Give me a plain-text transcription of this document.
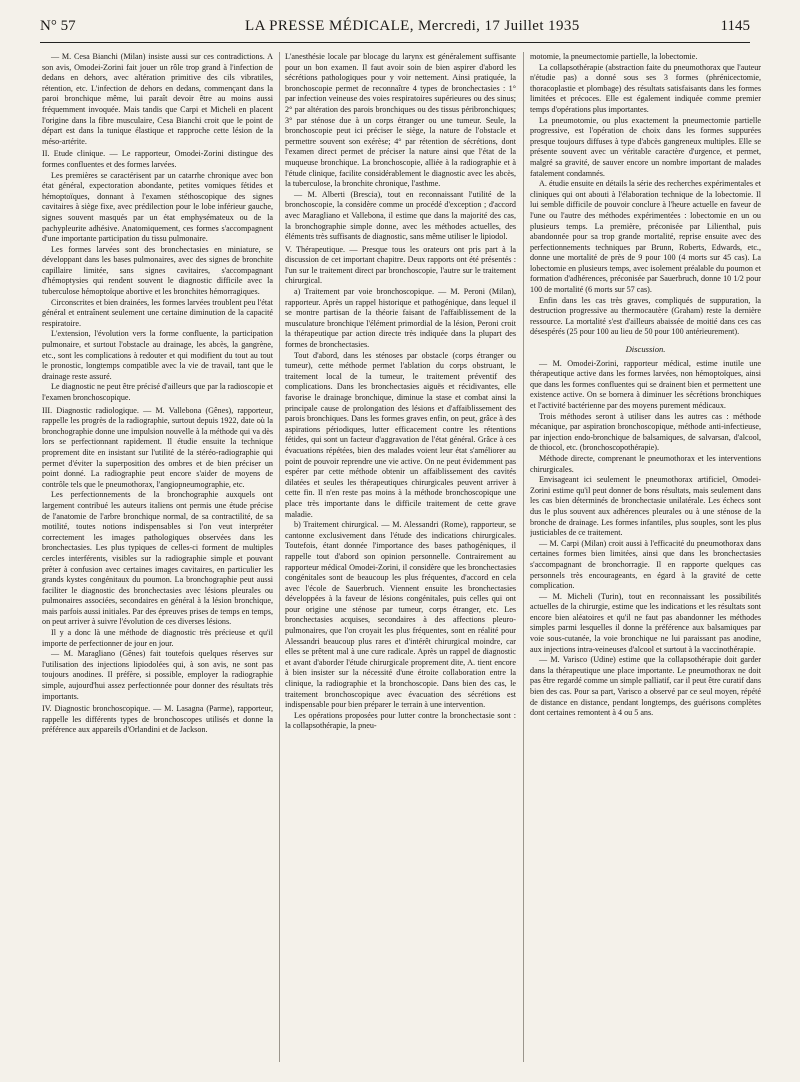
N° 57	LA PRESSE MÉDICALE, Mercredi, 17 Juillet 1935	1145

— M. Cesa Bianchi (Milan) insiste aussi sur ces contradictions. A son avis, Omodei-Zorini fait jouer un rôle trop grand à l'infection de dedans en dehors, avec altération primitive des cils vibratiles, rétention, etc. L'infection de dehors en dedans, commençant dans la paroi bronchique même, lui paraît devoir être au moins aussi fréquemment invoquée. Mais tandis que Carpi et Micheli en placent l'origine dans la fibre musculaire, Cesa Bianchi croit que le point de départ est dans la tunique élastique et rapproche cette lésion de la méso-artérite.

II. Etude clinique. — Le rapporteur, Omodei-Zorini distingue des formes confluentes et des formes larvées.

Les premières se caractérisent par un catarrhe chronique avec bon état général, expectoration abondante, petites vomiques fétides et hémoptoïques, donnant à l'examen stéthoscopique des signes cavitaires à siège fixe, avec prédilection pour le lobe inférieur gauche, signes souvent masqués par un état emphysémateux ou de la pachypleurite adhésive. Anatomiquement, ces formes s'accompagnent d'une importante participation du tissu pulmonaire.

Les formes larvées sont des bronchectasies en miniature, se développant dans les bases pulmonaires, avec des signes de bronchite capillaire limitée, sans signes cavitaires, s'accompagnant d'hémoptysies qui rendent souvent le diagnostic difficile avec la tuberculose hémoptoïque abortive et les bronchites hémorragiques.

Circonscrites et bien drainées, les formes larvées troublent peu l'état général et entraînent seulement une certaine diminution de la capacité respiratoire.

L'extension, l'évolution vers la forme confluente, la participation pulmonaire, et surtout l'obstacle au drainage, les abcès, la gangrène, etc., sont les complications à redouter et qui modifient du tout au tout le pronostic, longtemps compatible avec la vie de travail, tant que le drainage reste assuré.

Le diagnostic ne peut être précisé d'ailleurs que par la radioscopie et l'examen bronchoscopique.

III. Diagnostic radiologique. — M. Vallebona (Gênes), rapporteur, rappelle les progrès de la radiographie, surtout depuis 1922, date où la bronchographie donne une impulsion nouvelle à la méthode qui va dès lors se perfectionnant rapidement. Il étudie ensuite la technique proprement dite en insistant sur l'utilité de la stéréo-radiographie qui permet d'éviter la superposition des ombres et de bien préciser un point donné. La radiographie peut encore s'aider de moyens de contrôle tels que le pneumothorax, l'angiopneumographie, etc.

Les perfectionnements de la bronchographie auxquels ont largement contribué les auteurs italiens ont permis une étude précise de l'anatomie de l'arbre bronchique normal, de sa contractilité, de sa motilité, toutes notions indispensables si l'on veut interpréter correctement les images pathologiques observées dans les bronchectasies. Les plus typiques de celles-ci forment de multiples cercles interférents, visibles sur la radiographie simple et pouvant prêter à confusion avec certaines images cavitaires, en particulier les grands kystes congénitaux du poumon. La bronchographie peut aussi faciliter le diagnostic des bronchectasies avec lésions pleurales ou pulmonaires associées, secondaires en général à la lésion bronchique, mais parfois aussi initiales. Par des épreuves prises de temps en temps, on peut arriver à suivre l'évolution de ces diverses lésions.

Il y a donc là une méthode de diagnostic très précieuse et qu'il importe de perfectionner de jour en jour.

— M. Maragliano (Gênes) fait toutefois quelques réserves sur l'utilisation des injections lipiodolées qui, à son avis, ne sont pas toujours anodines. Il préfère, si possible, employer la radiographie simple, aujourd'hui assez perfectionnée pour donner des résultats très importants.

IV. Diagnostic bronchoscopique. — M. Lasagna (Parme), rapporteur, rappelle les différents types de bronchoscopes utilisés et donne la préférence aux appareils d'Orlandini et de Jackson.

L'anesthésie locale par blocage du larynx est généralement suffisante pour un bon examen. Il faut avoir soin de bien aspirer d'abord les sécrétions pathologiques pour y voir nettement. Ainsi pratiquée, la bronchoscopie permet de reconnaître 4 types de bronchectasies : 1° par infection veineuse des voies respiratoires supérieures ou des sinus; 2° par altération des parois bronchiques ou des tissus péribronchiques; 3° par sténose due à un corps étranger ou une tumeur. Seule, la bronchoscopie peut ici préciser le siège, la nature de l'obstacle et permettre souvent son exérèse; 4° par rétention de sécrétions, dont l'examen direct permet de préciser la nature ainsi que l'état de la muqueuse bronchique. La bronchoscopie, alliée à la radiographie et à l'étude clinique, facilite considérablement le diagnostic avec les abcès, la tuberculose, la bronchite chronique, l'asthme.

— M. Alberti (Brescia), tout en reconnaissant l'utilité de la bronchoscopie, la considère comme un procédé d'exception ; d'accord avec Maragliano et Vallebona, il estime que dans la majorité des cas, la bronchographie simple donne, avec les méthodes actuelles, des éléments très suffisants de diagnostic, sans même utiliser le lipiodol.

V. Thérapeutique. — Presque tous les orateurs ont pris part à la discussion de cet important chapitre. Deux rapports ont été présentés : l'un sur le traitement direct par bronchoscopie, l'autre sur le traitement chirurgical.

a) Traitement par voie bronchoscopique. — M. Peroni (Milan), rapporteur. Après un rappel historique et pathogénique, dans lequel il se montre partisan de la théorie faisant de l'affaiblissement de la musculature bronchique l'élément primordial de la lésion, Peroni croit la thérapeutique par action directe très indiquée dans la plupart des formes de bronchectasies.

Tout d'abord, dans les sténoses par obstacle (corps étranger ou tumeur), cette méthode permet l'ablation du corps obstruant, le traitement local de la tumeur, le traitement préventif des complications. Dans les bronchectasies aiguës et récidivantes, elle favorise le drainage bronchique, diminue la stase et combat ainsi la principale cause de prolongation des lésions et d'affaiblissement des parois bronchiques. Dans les formes graves enfin, on peut, grâce à des aspirations périodiques, lutter efficacement contre les rétentions fétides, qui sont un facteur d'aggravation de l'état général. Grâce à ces évacuations répétées, bien des malades voient leur état s'améliorer au point de pouvoir reprendre une vie active. On ne peut évidemment pas espérer par cette méthode obtenir un affaiblissement des cavités dilatées et seules les thérapeutiques chirurgicales peuvent arriver à cette fin. Il n'en reste pas moins à la méthode bronchoscopique une place très importante dans le difficile traitement de cette grave maladie.

b) Traitement chirurgical. — M. Alessandri (Rome), rapporteur, se cantonne exclusivement dans l'étude des indications chirurgicales. Toutefois, étant donnée l'importance des bases pathogéniques, il rappelle tout d'abord son opinion personnelle. Contrairement au rapporteur médical Omodei-Zorini, il considère que les bronchectasies congénitales sont de beaucoup les plus fréquentes, d'accord en cela avec l'école de Sauerbruch. Viennent ensuite les bronchectasies développées à la faveur de lésions congénitales, puis celles qui ont pour origine une sténose par tumeur, corps étranger, etc. Les bronchectasies acquises, secondaires à des affections pleuro-pulmonaires, que l'on croyait les plus fréquentes, sont en réalité pour Alessandri beaucoup plus rares et d'intérêt chirurgical moindre, car elles se prêtent mal à une cure radicale. Après un rappel de diagnostic et avant d'aborder l'étude chirurgicale proprement dite, A. tient encore à bien insister sur la nécessité d'une étroite collaboration entre la clinique, la radiographie et la bronchoscopie. Dans bien des cas, le traitement bronchoscopique avec évacuation des sécrétions est indispensable pour bien préparer le terrain à une intervention.

Les opérations proposées pour lutter contre la bronchectasie sont : la collapsothérapie, la pneu-

motomie, la pneumectomie partielle, la lobectomie.

La collapsothérapie (abstraction faite du pneumothorax que l'auteur n'étudie pas) a donné sous ses 3 formes (phrénicectomie, thoracoplastie et plombage) des résultats satisfaisants dans les formes limitées et précoces. Elle est également indiquée comme premier temps d'opérations plus importantes.

La pneumotomie, ou plus exactement la pneumectomie partielle progressive, est l'opération de choix dans les formes suppurées presque toujours diffuses à type d'abcès gangreneux multiples. Elle se présente souvent avec un véritable caractère d'urgence, et permet, malgré sa gravité, de sauver encore un nombre important de malades fatalement condamnés.

A. étudie ensuite en détails la série des recherches expérimentales et cliniques qui ont abouti à l'élaboration technique de la lobectomie. Il lui semble difficile de pouvoir conclure à l'heure actuelle en faveur de l'une ou l'autre des méthodes expérimentées : lobectomie en un ou plusieurs temps. La première, préconisée par Lilienthal, puis abandonnée pour sa trop grande mortalité, reprise ensuite avec des perfectionnements techniques par Brunn, Roberts, Edwards, etc., donne une mortalité de près de 9 pour 100 (4 morts sur 45 cas). La lobectomie en plusieurs temps, avec isolement préalable du poumon et formation d'adhérences, préconisée par Sauerbruch, donne 10 1/2 pour 100 de mortalité (6 morts sur 57 cas).

Enfin dans les cas très graves, compliqués de suppuration, la destruction progressive au thermocautère (Graham) reste la dernière ressource. La mortalité s'est d'ailleurs abaissée de moitié dans ces cas désespérés (25 pour 100 au lieu de 50 pour 100 antérieurement).

Discussion.

— M. Omodei-Zorini, rapporteur médical, estime inutile une thérapeutique active dans les formes larvées, non hémoptoïques, ainsi que dans les formes confluentes qui se drainent bien et permettent une existence active. On se bornera à diminuer les sécrétions bronchiques et l'activité bactérienne par des moyens purement médicaux.

Trois méthodes seront à utiliser dans les autres cas : méthode mécanique, par aspiration bronchoscopique, méthode anti-infectieuse, par injection endo-bronchique de balsamiques, de salvarsan, d'alcool, de thiocol, etc. (bronchoscopothérapie).

Méthode directe, comprenant le pneumothorax et les interventions chirurgicales.

Envisageant ici seulement le pneumothorax artificiel, Omodei-Zorini estime qu'il peut donner de bons résultats, mais seulement dans les cas bien déterminés de bronchectasie unilatérale. Les échecs sont dus le plus souvent aux adhérences pleurales ou à une sténose de la bronche de drainage. Les formes infantiles, plus souples, sont les plus justiciables de ce traitement.

— M. Carpi (Milan) croit aussi à l'efficacité du pneumothorax dans certaines formes bien limitées, ainsi que dans les bronchectasies s'accompagnant de bronchorragie. Il en rapporte quelques cas personnels très encourageants, en égard à la gravité de cette complication.

— M. Micheli (Turin), tout en reconnaissant les possibilités actuelles de la chirurgie, estime que les indications et les résultats sont encore bien aléatoires et qu'il ne faut pas abandonner les méthodes simples parmi lesquelles il donne la préférence aux balsamiques par voie sous-cutanée, la voie bronchique ne lui paraissant pas anodine, aux injections intra-veineuses d'alcool et surtout à la vaccinothérapie.

— M. Varisco (Udine) estime que la collapsothérapie doit garder dans la thérapeutique une place importante. Le pneumothorax ne doit pas être regardé comme un simple palliatif, car il peut être curatif dans bien des cas. Pour sa part, Varisco a observé par ce seul moyen, répété de distance en distance, pendant longtemps, des guérisons complètes dont certaines remontent à 4 ou 5 ans.
